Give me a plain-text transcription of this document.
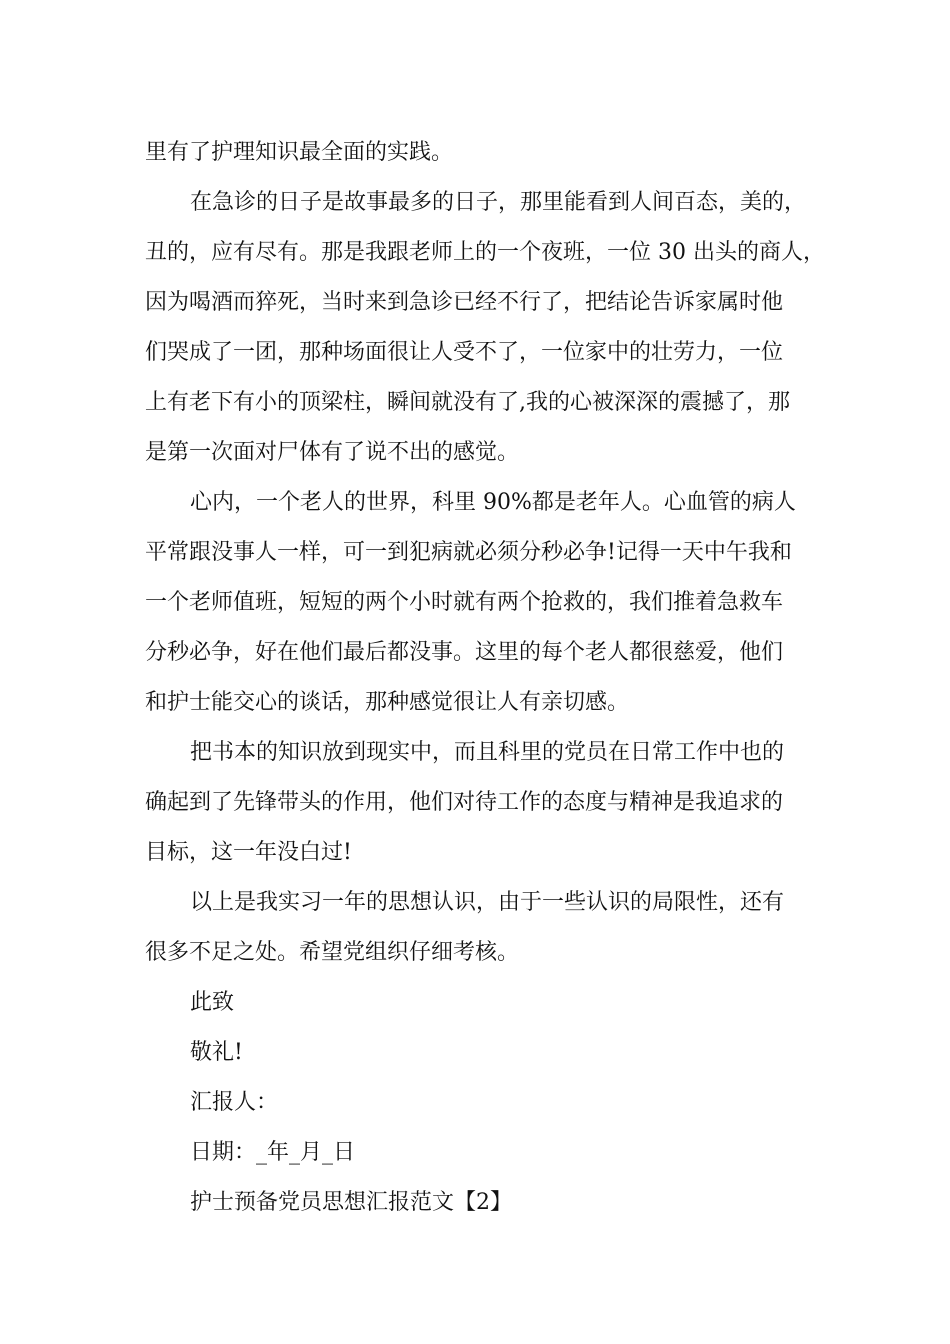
里有了护理知识最全面的实践。
在急诊的日子是故事最多的日子，那里能看到人间百态，美的，
丑的，应有尽有。那是我跟老师上的一个夜班，一位 30 出头的商人，
因为喝酒而猝死，当时来到急诊已经不行了，把结论告诉家属时他
们哭成了一团，那种场面很让人受不了，一位家中的壮劳力，一位
上有老下有小的顶梁柱，瞬间就没有了,我的心被深深的震撼了，那
是第一次面对尸体有了说不出的感觉。
心内，一个老人的世界，科里 90%都是老年人。心血管的病人
平常跟没事人一样，可一到犯病就必须分秒必争!记得一天中午我和
一个老师值班，短短的两个小时就有两个抢救的，我们推着急救车
分秒必争，好在他们最后都没事。这里的每个老人都很慈爱，他们
和护士能交心的谈话，那种感觉很让人有亲切感。
把书本的知识放到现实中，而且科里的党员在日常工作中也的
确起到了先锋带头的作用，他们对待工作的态度与精神是我追求的
目标，这一年没白过!
以上是我实习一年的思想认识，由于一些认识的局限性，还有
很多不足之处。希望党组织仔细考核。
此致
敬礼!
汇报人：
日期：_年_月_日
护士预备党员思想汇报范文【2】
